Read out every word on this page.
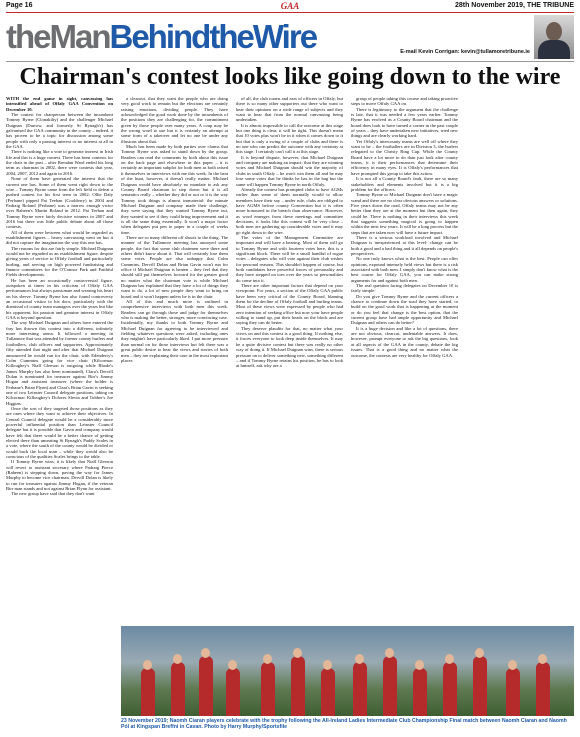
Page 16	GAA	28th November 2019, THE TRIBUNE
theManBehindtheWire	E-mail Kevin Corrigan: kevin@tullamoretribune.ie
Chairman's contest looks like going down to the wire

WITH the end game in sight, canvassing has intensified ahead of Offaly GAA Convention on December 10.

The contest for chairperson between the incumbent Tommy Byrne (Clonakilty) and the challenger Michael Duignan (Durrow, and formerly St Rynagh's) has galvanised the GAA community in the county – indeed, it has proven to be a topic for discussion among some people with only a passing interest or no interest at all in the GAA.

There is nothing like a vote to generate interest in Irish life and this is a huge contest. There has been contests for the chair in the past – after Brendan Ward ended his long term as chairman in 2002, there were contests that year, 2004, 2007, 2012 and again in 2016.

None of them have generated the interest that the current one has. Some of them went right down to the wire – Tommy Byrne came from the left field to defeat a pushed contest for his first term in 2002: Ollie Daly (Ferbane) pipped Pat Teehan (Coolderry) in 2004 and Padraig Boland (Ferbane) was a narrow enough victor over Raheen's Martin Boland in 2012. Pat Teehan and Tommy Byrne were fairly decisive winners in 2007 and 2016 but there was little public debate about all those contests.

All of them were between what would be regarded as establishment figures – heavy canvassing went on but it did not capture the imagination the way this one has.

The reasons for this are fairly simple. Michael Duignan would not be regarded as an establishment figure, despite giving years of service to Offaly football and particularly hurling, and serving on high powered fundraising and finance committees for the O'Connor Park and Faithful Fields developments.

He has been an occasionally controversial figure, outspoken at times in his criticism of Offaly GAA performances but always passionate and wearing his heart on his sleeve. Tommy Byrne has also found controversy an occasional visitor to his door, particularly with the dismissal of county team managers over the years but like his opponent, his passion and genuine interest in Offaly GAA is beyond question.

The way Michael Duignan and others have entered the fray has thrown this contest into a different, infinitely more interesting arena. It followed a meeting in Tullamore that was attended by former county hurlers and footballers, club officers and supporters. Approximately fifty attended that night and after that Michael Duignan announced he would run for the chair, with Edenderry's Colm Cummins going for vice chair (Kilcormac Killoughey's Niall Gleeson is outgoing while Rhode's James Murphy has also been nominated), Clara's Dervill Dolan is nominated for treasurer against Birr's Jimmy Hogan and assistant treasurer (where the holder is Ferbane's Brian Flynn) and Clara's Brian Gavin is seeking one of two Leinster Council delegate positions, taking on Kilcormac Killoughey's Dolores Slevin and Tubber's Joe Higgins.

Once the sort of they targeted those positions as they are ones where they want to achieve their objectives. In Central Council delegate would be a considerably more powerful influential position than Leinster Council delegate but it is possible that Gavin and company would have felt that there would be a better chance of getting elected there than unseating St Rynagh's Paddy Scales in a vote, where the south of the county would be divided or would back the local man – while they would also be conscious of the qualities Scales brings to the table.

If Tommy Byrne wins, it is likely that Niall Gleeson will revert to assistant secretary where Padraig Pierce (Raheen) is stepping down, paving the way for James Murphy to become vice chairman. Dervill Dolan is likely to run for treasurer against Jimmy Hogan, if the veteran Birr man stands and not against Brian Flynn for assistant.

The new group have said that they don't want

a clearout, that they want the people who are doing very good work to remain but the elections are certainly raising emotions, dividing people. They have acknowledged the good work done by the incumbents of the positions they are challenging for, the commitment given by those people over many years. A coup may be the wrong word to use but it is certainly an attempt at some form of a takeover and let no one be under any illusions about that.

Much has been made by both parties over claims that Tommy Byrne was asked to stand down by the group. Readers can read the comments by both about this issue on the back page and elsewhere in this paper – it is certainly an important subplot for both men as both raised it themselves in interviews with me this week. In the heat of the hunt, however, it doesn't really matter. Michael Duignan would have absolutely no mandate to ask any County Board chairman to step down but it is all semantics really – whether they did or not or it is the way Tommy took things is almost immaterial: the minute Michael Duignan and company made their challenge, they were saying that they wanted Tommy Byrne out, they wanted to see if they could bring improvement and it is all the same thing essentially. It won't a major factor when delegates put pen to paper in a couple of weeks time.

There are so many different off shoots to the thing. The manner of the Tullamore meeting has annoyed some people, the fact that some club chairmen were there and others didn't know about it. That will certainly lose them some votes. People are also unhappy that Colm Cummins, Dervill Dolan and Brian Gavin won't run for office if Michael Duignan is beaten – they feel that they should still put themselves forward for the greater good no matter what the chairman vote is while Michael Duignan has explained that they have a lot of things they want to do, a lot of new people they want to bring on board and it won't happen unless he is in the chair.

All of this and much more is outlined in comprehensive interviews with both men this week. Readers can go through those and judge for themselves who is making the better, stronger, more convincing case. Incidentally, my thanks to both Tommy Byrne and Michael Duignan for agreeing to be interviewed and fielding whatever questions were asked, including ones they mightn't have particularly liked. I put more pressure than normal on for those interviews but felt there was a great public desire to hear the views and stories of both men – they are explaining their case in the most important places

of all, the club rooms and ears of officers in Offaly, but there is so many other supporters out there who want to hear their opinions on a wide range of subjects and they want to hear that from the normal canvassing being undertaken.

It is almost impossible to call the outcome at this stage but one thing is clear, it will be tight. This doesn't mean that 10 votes plus won't be in it when it comes down to it but that is only a swing of a couple of clubs and there is no one who can predict the outcome with any certainty at this stage. I certainly can't call it at this stage.

It is beyond dispute, however, that Michael Duignan and company are making an impact: that they are winning votes and Michael Duignan should win the majority of clubs in south Offaly – he won't win them all and he may lose some votes that he thinks he has in the bag but the same will happen Tommy Byrne in north Offaly.

Already the contest has prompted clubs to have AGMs earlier than some of them normally would to allow members have their say – under rule, clubs are obliged to have AGMS before county Convention but it is often more honoured in the breach than observance. However, as word emerges from these meetings and committee decisions, it looks like this contest will be very close – both men are gathering up considerable votes and it may go right down to the wire.

The votes of the Management Committee are important and will have a bearing. Most of them will go to Tommy Byrne and with fourteen votes here, this is a significant block. There will be a small handful of rogue votes – delegates who will vote against their club wishes for personal reasons. This shouldn't happen of course, but both candidates have powerful forces of personality and they have stepped on toes over the years so personalities do come into it.

There are other important factors that depend on your viewpoint. For years, a section of the Offaly GAA public have been very critical of the County Board, blaming them for the decline of Offaly football and hurling teams. Most of these views were expressed by people who had zero intention of seeking office but now your have people willing to stand up, put their heads on the block and are saying they can do better.

They deserve plaudits for that, no matter what your views on and this contest is a good thing. If nothing else, it forces everyone to look deep inside themselves. It may be a quite divisive contest but there was really no other way of doing it. If Michael Duignan wins, there is serious pressure on to deliver something new, something different – and if Tommy Byrne retains his position, he has to look at himself, ask why are a

group of people taking this course and taking proactive steps to move Offaly GAA on.

There is legitimacy to the argument that the challenge is late, that it was needed a few years earlier. Tommy Byrne has evolved as a County Board chairman and the board does look to have turned a corner in the past couple of years – they have undertaken new initiatives, tried new things and are clearly working hard.

Yet Offaly's intercounty teams are well off where they want to be – the footballers are in Division 3, the hurlers relegated to the Christy Ring Cup. While the County Board have a lot more to do than just look after county teams, it is their performances that determine their efficiency in many eyes. It is Offaly's performances that have prompted this group to take this action.

It is not all a County Board's fault, there are so many stakeholders and elements involved but it is a big problem for the officers.

Tommy Byrne or Michael Duignan don't have a magic wand and there are no clear obvious answers or solutions. Five years down the road, Offaly teams may not be any better than they are at the moment but then again, they could be. There is nothing in their interviews this week that suggests something magical is going to happen within the next few years. It will be a long process but the steps that are taken now will have a future impact.

There is a serious workload involved and Michael Duignan is inexperienced at this level: change can be both a good and a bad thing and it all depends on people's perspectives.

No one truly knows what is the best. People can offer opinions, expound intensely held views but there is a risk associated with both men. I simply don't know what is the best course for Offaly GAA, you can make strong arguments for and against both men.

The real question facing delegates on December 10 is fairly simple:

Do you give Tommy Byrne and the current officers a chance to continue down the road they have started, to build on the good work that is happening at the moment or do you feel that change is the best option, that the current group have had ample opportunity and Michael Duignan and others can do better?

It is a huge decision and like a lot of questions, there are not obvious, clearcut, undeniable answers. It does, however, prompt everyone to ask the big questions, look at all aspects of the GAA in the county, debate the big issues. That is a good thing and no matter what the outcome, the contests are very healthy for Offaly GAA.

23 November 2019; Naomh Ciaran players celebrate with the trophy following the All-Ireland Ladies Intermediate Club Championship Final match between Naomh Ciaran and Naomh Pól at Kingspan Breffni in Cavan. Photo by Harry Murphy/Sportsfile
